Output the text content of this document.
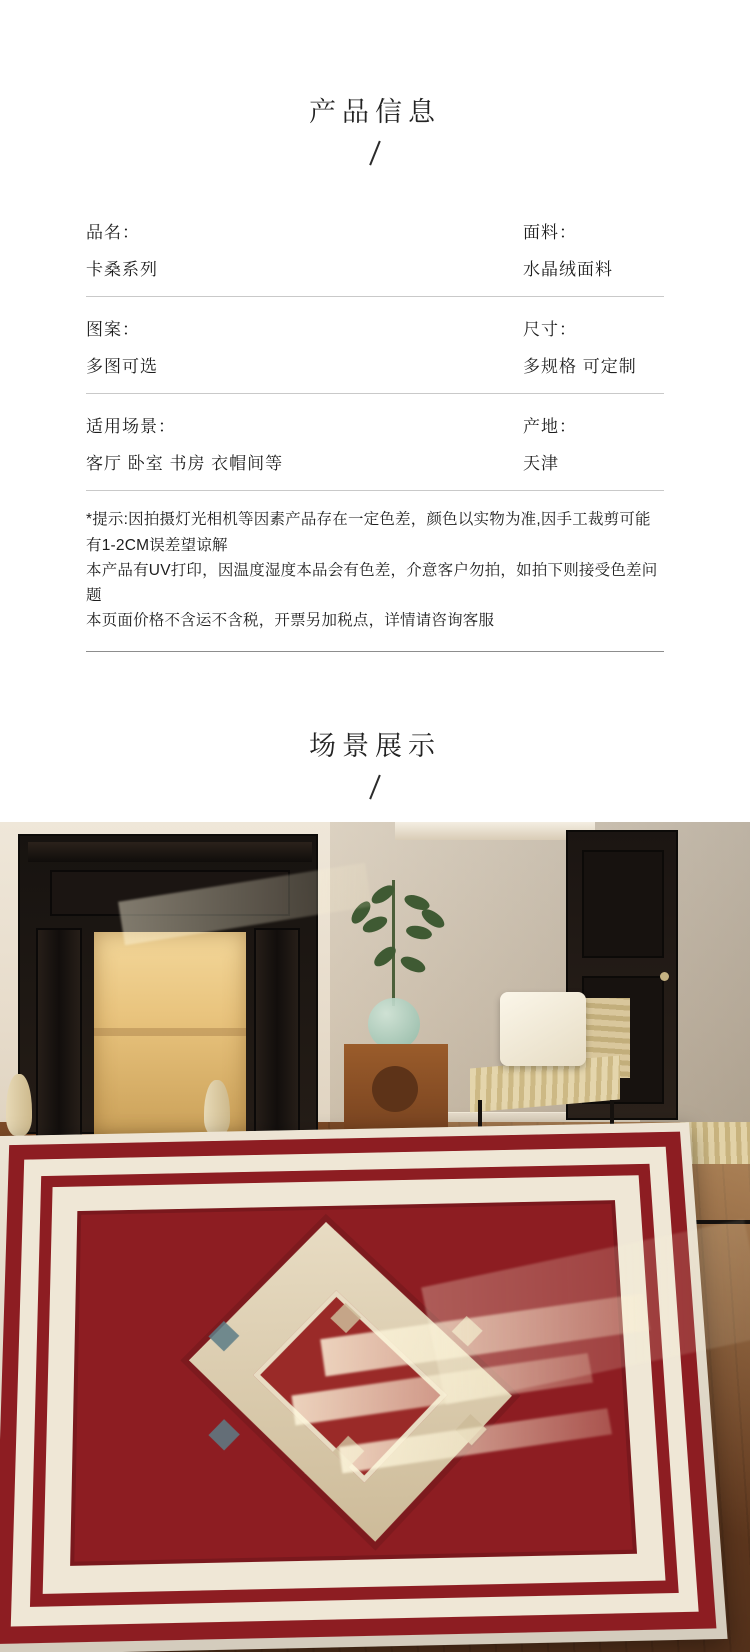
产品信息
品名：
卡桑系列
面料：
水晶绒面料
图案：
多图可选
尺寸：
多规格 可定制
适用场景：
客厅 卧室 书房 衣帽间等
产地：
天津
*提示:因拍摄灯光相机等因素产品存在一定色差，颜色以实物为准,因手工裁剪可能有1-2CM误差望谅解
本产品有UV打印，因温度湿度本品会有色差，介意客户勿拍，如拍下则接受色差问题
本页面价格不含运不含税，开票另加税点，详情请咨询客服
场景展示
